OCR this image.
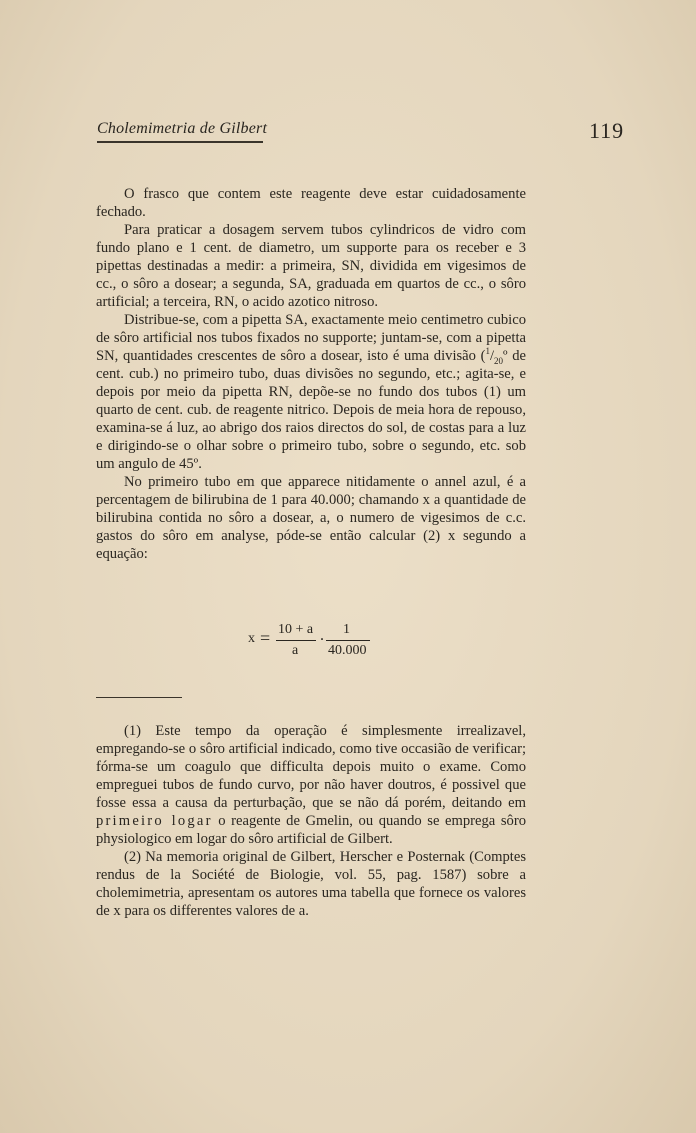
Cholemimetria de Gilbert	119

O frasco que contem este reagente deve estar cuidadosamente fechado.

Para praticar a dosagem servem tubos cylindricos de vidro com fundo plano e 1 cent. de diametro, um supporte para os receber e 3 pipettas destinadas a medir: a primeira, SN, dividida em vigesimos de cc., o sôro a dosear; a segunda, SA, graduada em quartos de cc., o sôro artificial; a terceira, RN, o acido azotico nitroso.

Distribue-se, com a pipetta SA, exactamente meio centimetro cubico de sôro artificial nos tubos fixados no supporte; juntam-se, com a pipetta SN, quantidades crescentes de sôro a dosear, isto é uma divisão ($^1/_{20}º$ de cent. cub.) no primeiro tubo, duas divisões no segundo, etc.; agita-se, e depois por meio da pipetta RN, depõe-se no fundo dos tubos (1) um quarto de cent. cub. de reagente nitrico. Depois de meia hora de repouso, examina-se á luz, ao abrigo dos raios directos do sol, de costas para a luz e dirigindo-se o olhar sobre o primeiro tubo, sobre o segundo, etc. sob um angulo de 45º.

No primeiro tubo em que apparece nitidamente o annel azul, é a percentagem de bilirubina de 1 para 40.000; chamando x a quantidade de bilirubina contida no sôro a dosear, a, o numero de vigesimos de c.c. gastos do sôro em analyse, póde-se então calcular (2) x segundo a equação:

x = 10 + a
a
. 1
40.000

(1) Este tempo da operação é simplesmente irrealizavel, empregando-se o sôro artificial indicado, como tive occasião de verificar; fórma-se um coagulo que difficulta depois muito o exame. Como empreguei tubos de fundo curvo, por não haver doutros, é possivel que fosse essa a causa da perturbação, que se não dá porém, deitando em primeiro logar o reagente de Gmelin, ou quando se emprega sôro physiologico em logar do sôro artificial de Gilbert.

(2) Na memoria original de Gilbert, Herscher e Posternak (Comptes rendus de la Société de Biologie, vol. 55, pag. 1587) sobre a cholemimetria, apresentam os autores uma tabella que fornece os valores de x para os differentes valores de a.
